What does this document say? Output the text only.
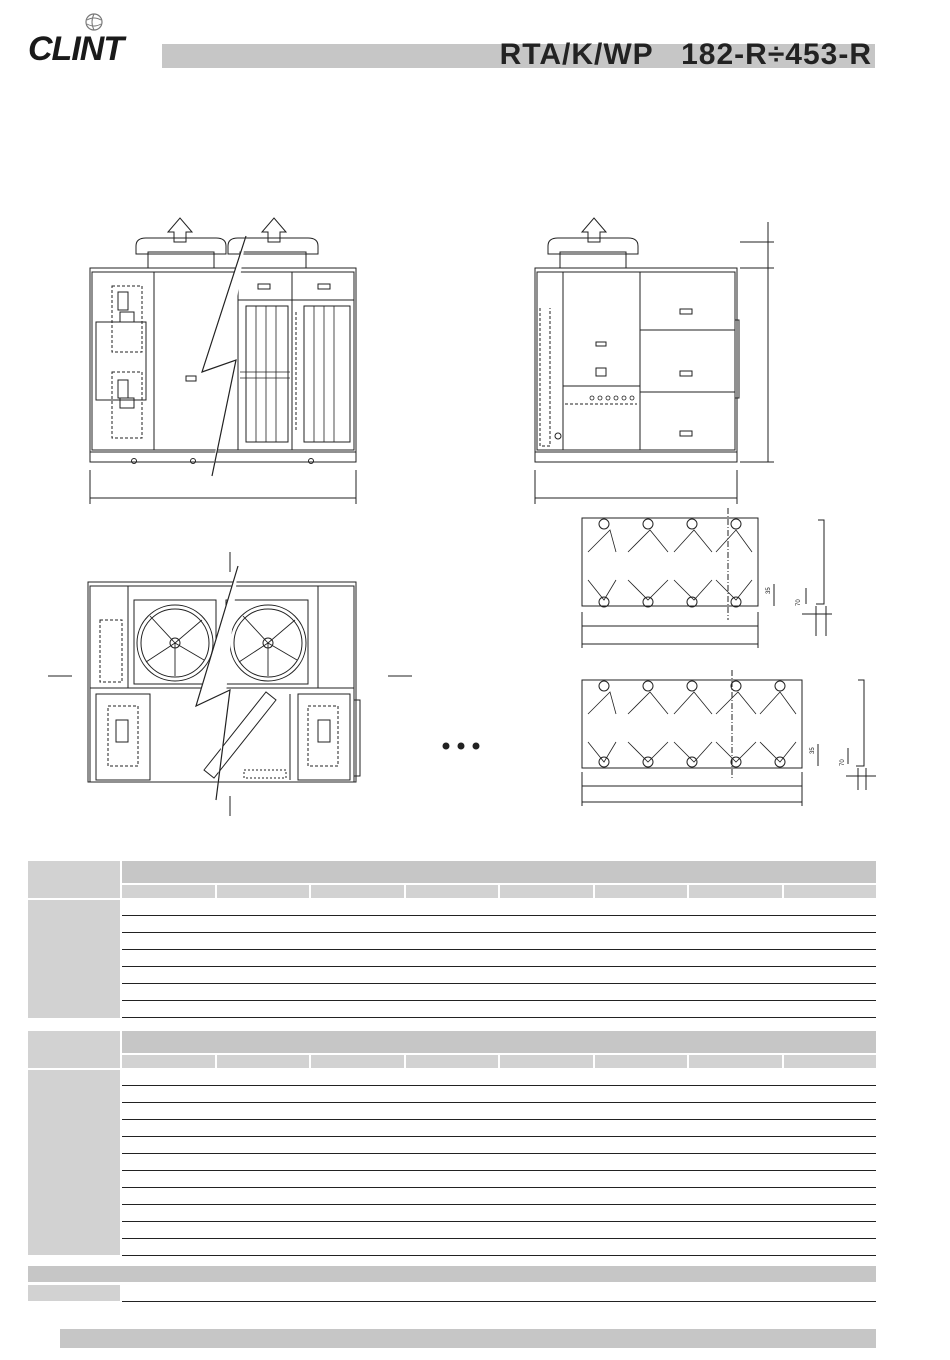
CLINT	RTA/K/WP   182-R÷453-R
35
70
35
70
